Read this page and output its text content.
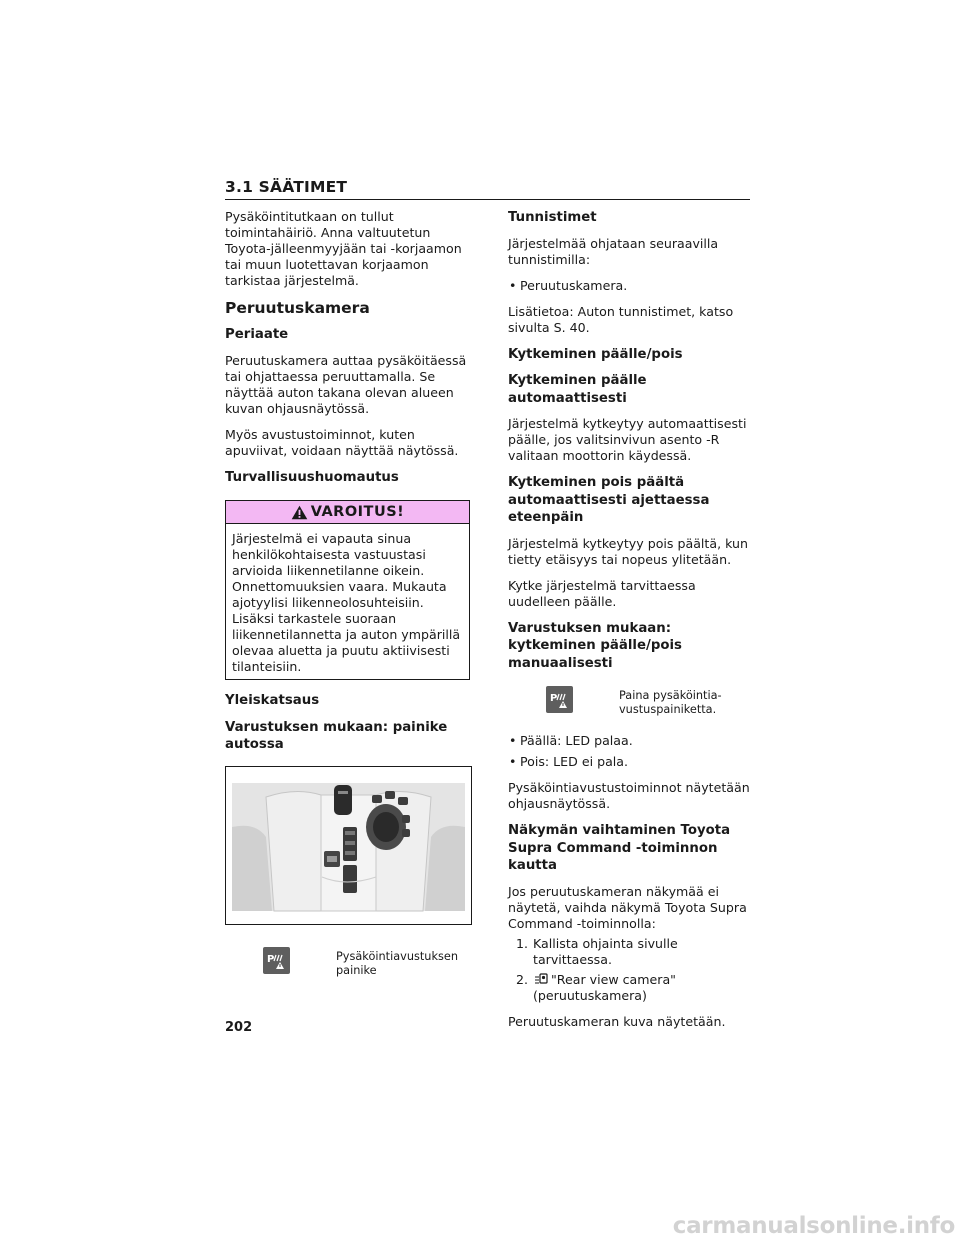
3.1 SÄÄTIMET

Pysäköintitutkaan on tullut toimintahäiriö. Anna valtuutetun Toyota-jälleenmyyjään tai -korjaamon tai muun luotettavan korjaamon tarkistaa järjestelmä.

Peruutuskamera
Periaate

Peruutuskamera auttaa pysäköitäessä tai ohjattaessa peruuttamalla. Se näyttää auton takana olevan alueen kuvan ohjausnäytössä.

Myös avustustoiminnot, kuten apuviivat, voidaan näyttää näytössä.

Turvallisuushuomautus
VAROITUS!

Järjestelmä ei vapauta sinua henkilökohtaisesta vastuustasi arvioida liikennetilanne oikein. Onnettomuuksien vaara. Mukauta ajotyylisi liikenneolosuhteisiin. Lisäksi tarkastele suoraan liikennetilannetta ja auton ympärillä olevaa aluetta ja puutu aktiivisesti tilanteisiin.

Yleiskatsaus
Varustuksen mukaan: painike autossa
P	Pysäköintiavustuksen painike
Tunnistimet

Järjestelmää ohjataan seuraavilla tunnistimilla:

• Peruutuskamera.

Lisätietoa: Auton tunnistimet, katso sivulta S. 40.

Kytkeminen päälle/pois
Kytkeminen päälle automaattisesti

Järjestelmä kytkeytyy automaattisesti päälle, jos valitsinvivun asento -R valitaan moottorin käydessä.

Kytkeminen pois päältä automaattisesti ajettaessa eteenpäin

Järjestelmä kytkeytyy pois päältä, kun tietty etäisyys tai nopeus ylitetään.

Kytke järjestelmä tarvittaessa uudelleen päälle.

Varustuksen mukaan: kytkeminen päälle/pois manuaalisesti
P	Paina pysäköintia-vustuspainiketta.
• Päällä: LED palaa.
• Pois: LED ei pala.

Pysäköintiavustustoiminnot näytetään ohjausnäytössä.

Näkymän vaihtaminen Toyota Supra Command -toiminnon kautta

Jos peruutuskameran näkymää ei näytetä, vaihda näkymä Toyota Supra Command -toiminnolla:

1. Kallista ohjainta sivulle tarvittaessa.
2.	"Rear view camera" (peruutuskamera)

Peruutuskameran kuva näytetään.

202
carmanualsonline.info
